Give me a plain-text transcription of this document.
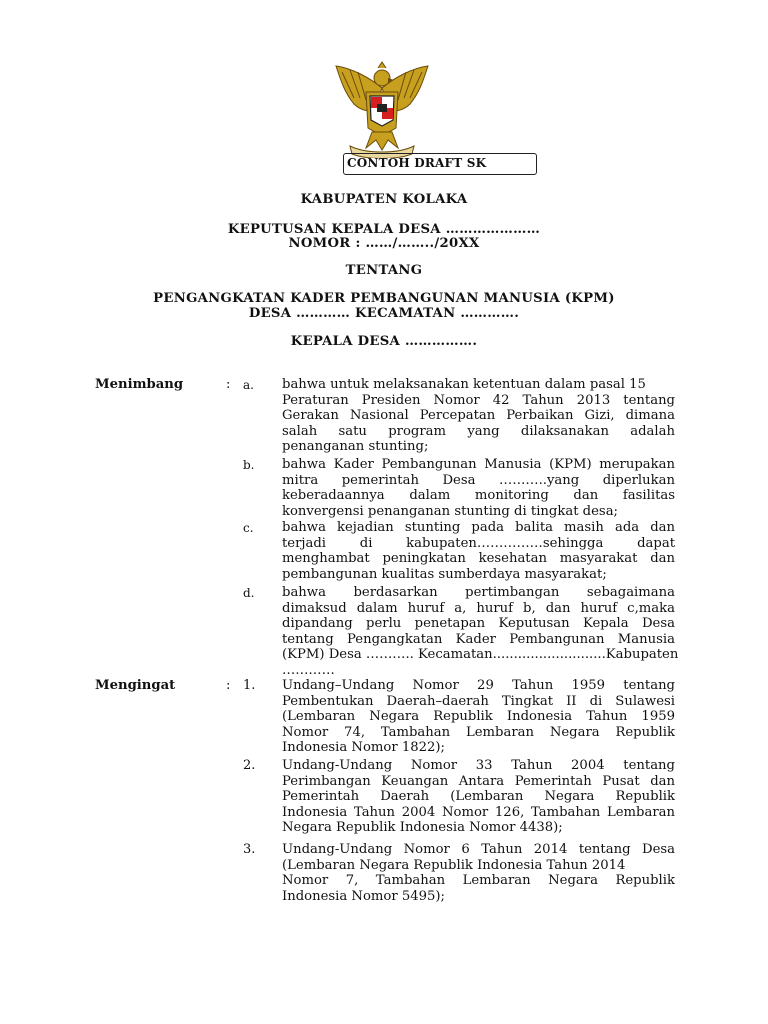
CONTOH DRAFT SK
KABUPATEN KOLAKA
KEPUTUSAN KEPALA DESA …………………
NOMOR : ……/……../20XX
TENTANG
PENGANGKATAN KADER PEMBANGUNAN MANUSIA (KPM)
DESA ………… KECAMATAN ………….
KEPALA DESA …………….
Menimbang	: a. bahwa untuk melaksanakan ketentuan dalam pasal 15
Peraturan Presiden Nomor 42 Tahun 2013 tentang
Gerakan Nasional Percepatan Perbaikan Gizi, dimana
salah satu program yang dilaksanakan adalah
penanganan stunting;
b. bahwa Kader Pembangunan Manusia (KPM) merupakan
mitra pemerintah Desa ………..yang diperlukan
keberadaannya dalam monitoring dan fasilitas
konvergensi penanganan stunting di tingkat desa;
c. bahwa kejadian stunting pada balita masih ada dan
terjadi di kabupaten……………sehingga dapat
menghambat peningkatan kesehatan masyarakat dan
pembangunan kualitas sumberdaya masyarakat;
d. bahwa berdasarkan pertimbangan sebagaimana
dimaksud dalam huruf a, huruf b, dan huruf c,maka
dipandang perlu penetapan Keputusan Kepala Desa
tentang Pengangkatan Kader Pembangunan Manusia
(KPM) Desa ……….. Kecamatan...........................Kabupaten
…………
Mengingat	: 1. Undang–Undang Nomor 29 Tahun 1959 tentang
Pembentukan Daerah–daerah Tingkat II di Sulawesi
(Lembaran Negara Republik Indonesia Tahun 1959
Nomor 74, Tambahan Lembaran Negara Republik
Indonesia Nomor 1822);
2. Undang-Undang Nomor 33 Tahun 2004 tentang
Perimbangan Keuangan Antara Pemerintah Pusat dan
Pemerintah Daerah (Lembaran Negara Republik
Indonesia Tahun 2004 Nomor 126, Tambahan Lembaran
Negara Republik Indonesia Nomor 4438);
3. Undang-Undang Nomor 6 Tahun 2014 tentang Desa
(Lembaran Negara Republik Indonesia Tahun 2014
Nomor 7, Tambahan Lembaran Negara Republik
Indonesia Nomor 5495);
